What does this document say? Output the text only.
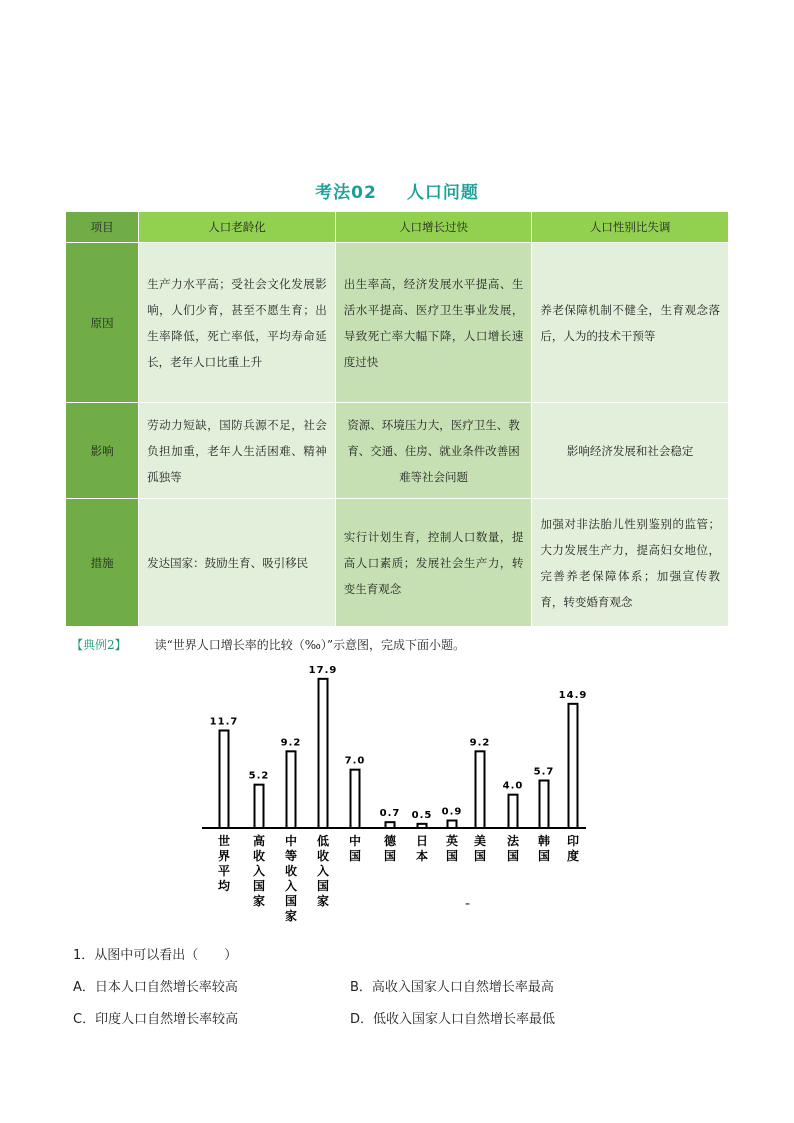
考法02 人口问题
项目	人口老龄化	人口增长过快	人口性别比失调
原因	生产力水平高；受社会文化发展影响，人们少育，甚至不愿生育；出生率降低，死亡率低，平均寿命延长，老年人口比重上升	出生率高，经济发展水平提高、生活水平提高、医疗卫生事业发展，导致死亡率大幅下降，人口增长速度过快	养老保障机制不健全，生育观念落后，人为的技术干预等
影响	劳动力短缺，国防兵源不足，社会负担加重，老年人生活困难、精神孤独等	资源、环境压力大，医疗卫生、教育、交通、住房、就业条件改善困难等社会问题	影响经济发展和社会稳定
措施	发达国家：鼓励生育、吸引移民	实行计划生育，控制人口数量，提高人口素质；发展社会生产力，转变生育观念	加强对非法胎儿性别鉴别的监管；大力发展生产力，提高妇女地位，完善养老保障体系；加强宣传教育，转变婚育观念
【典例2】 读“世界人口增长率的比较（‰）”示意图，完成下面小题。
11.7
世界平均
5.2
高收入国家
9.2
中等收入国家
17.9
低收入国家
7.0
中国
0.7
德国
0.5
日本
0.9
英国
9.2
美国
4.0
法国
5.7
韩国
14.9
印度
-
1．从图中可以看出（　　）
A．日本人口自然增长率较高	B．高收入国家人口自然增长率最高
C．印度人口自然增长率较高	D．低收入国家人口自然增长率最低
